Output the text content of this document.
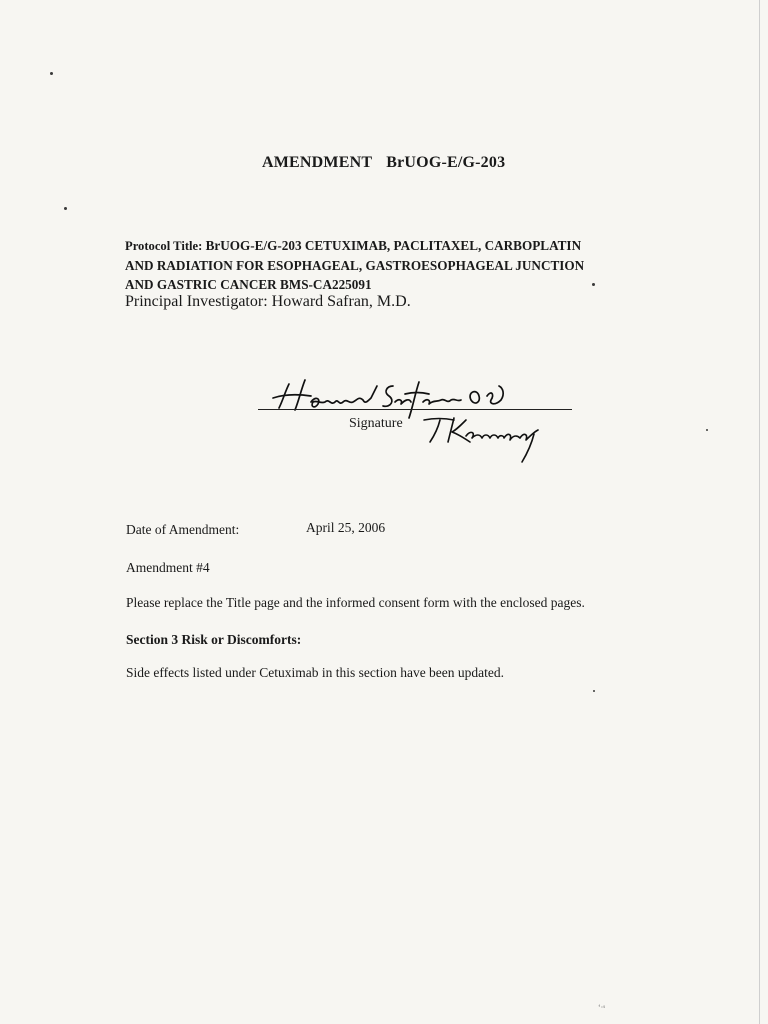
AMENDMENT BrUOG-E/G-203
Protocol Title: BrUOG-E/G-203 CETUXIMAB, PACLITAXEL, CARBOPLATIN
AND RADIATION FOR ESOPHAGEAL, GASTROESOPHAGEAL JUNCTION
AND GASTRIC CANCER BMS-CA225091
Principal Investigator: Howard Safran, M.D.
Signature
Date of Amendment:	April 25, 2006
Amendment #4
Please replace the Title page and the informed consent form with the enclosed pages.
Section 3 Risk or Discomforts:
Side effects listed under Cetuximab in this section have been updated.
‘·ˢ
